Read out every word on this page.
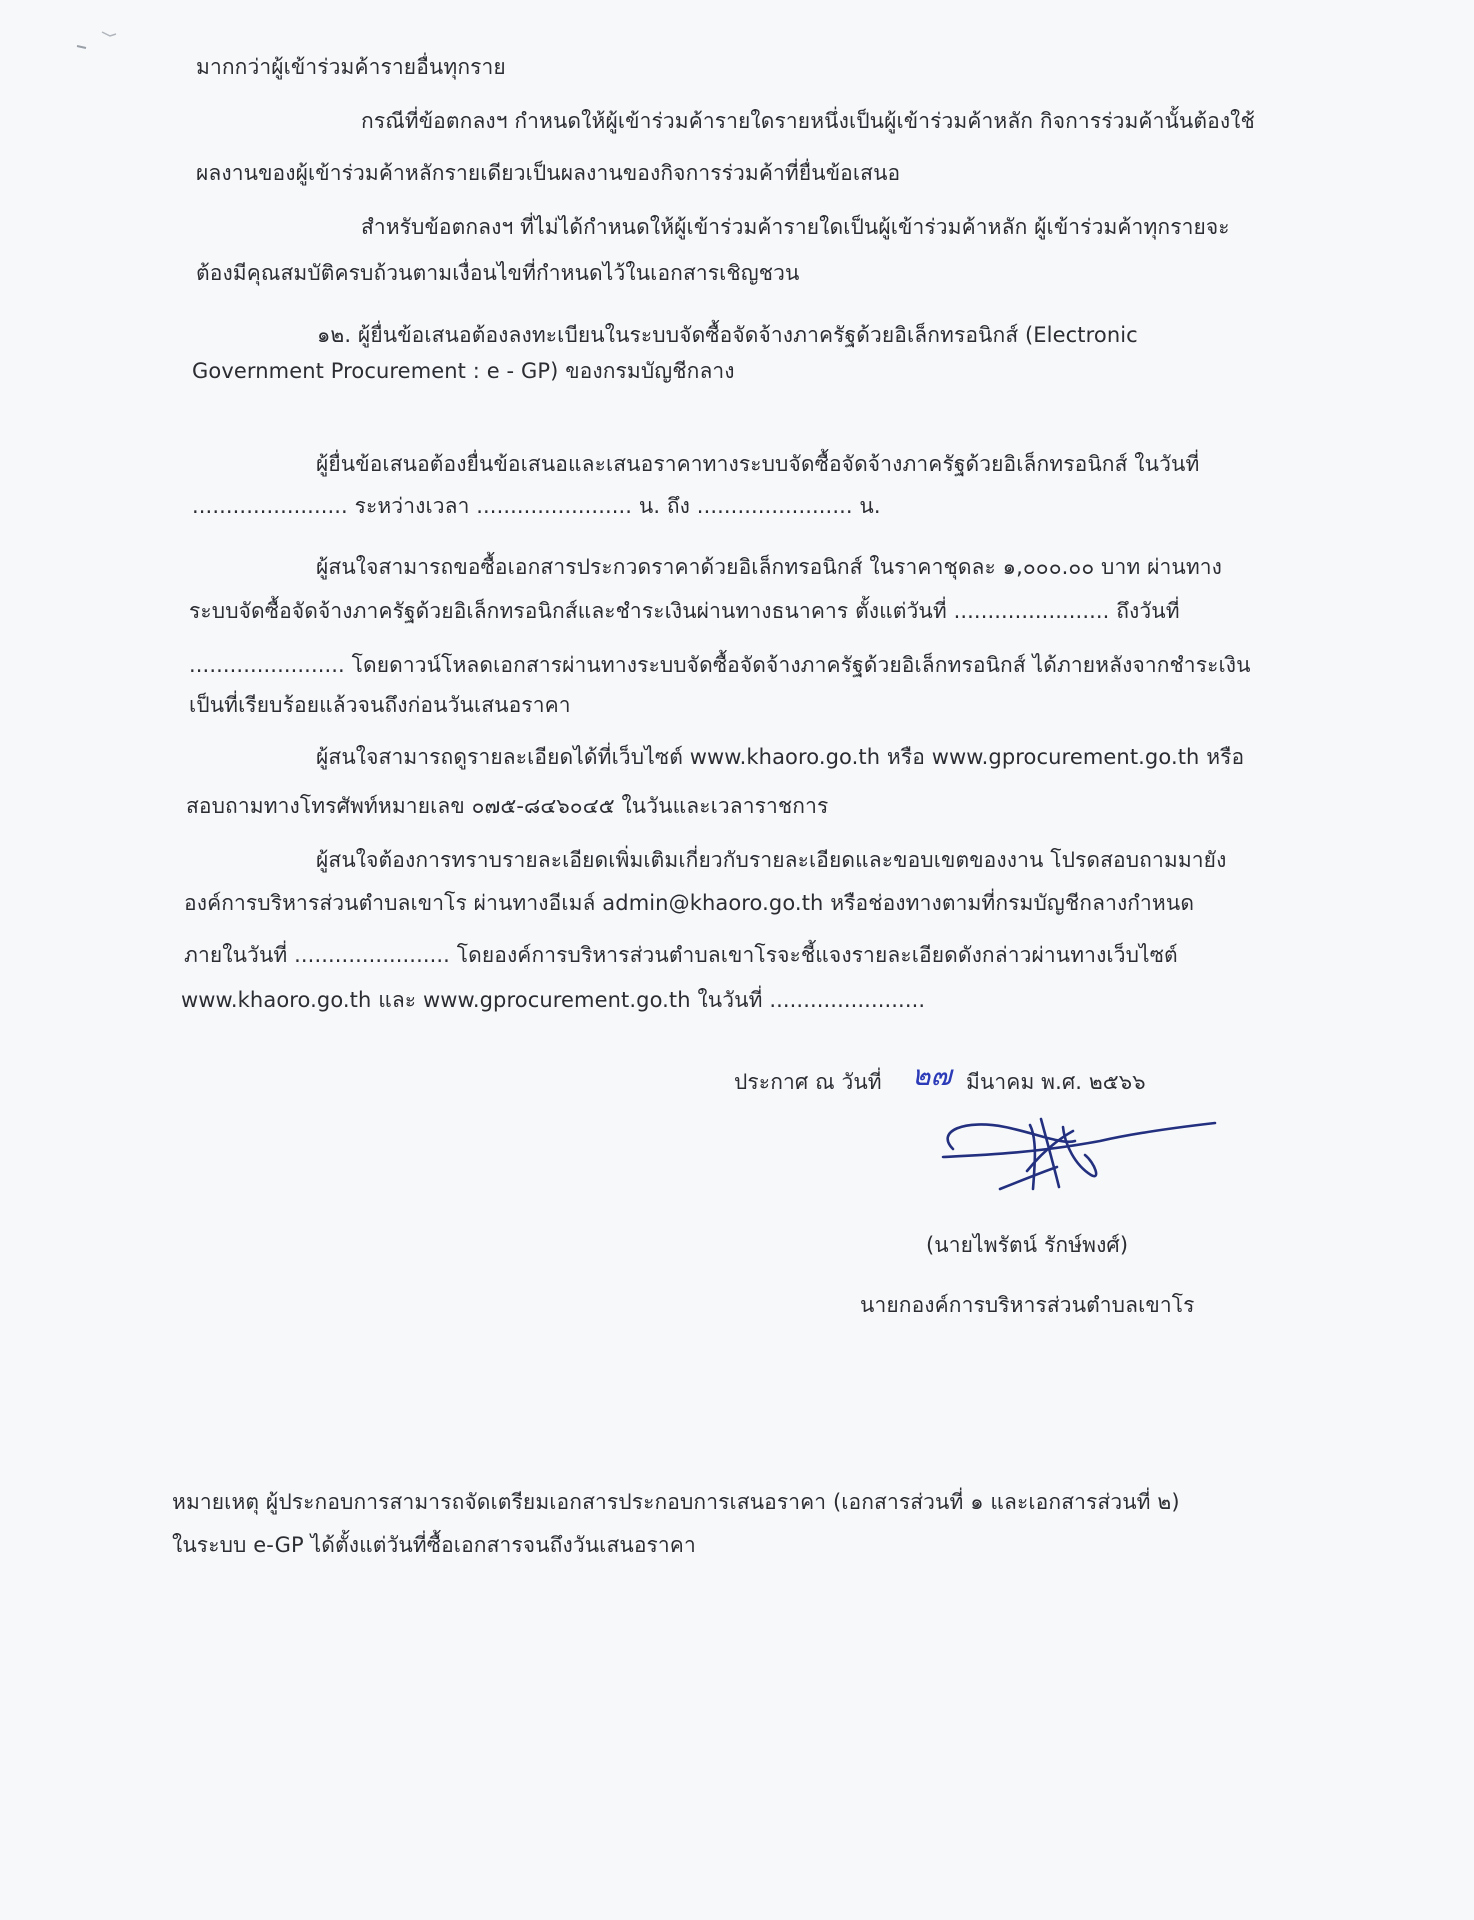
มากกว่าผู้เข้าร่วมค้ารายอื่นทุกราย
กรณีที่ข้อตกลงฯ กำหนดให้ผู้เข้าร่วมค้ารายใดรายหนึ่งเป็นผู้เข้าร่วมค้าหลัก กิจการร่วมค้านั้นต้องใช้
ผลงานของผู้เข้าร่วมค้าหลักรายเดียวเป็นผลงานของกิจการร่วมค้าที่ยื่นข้อเสนอ
สำหรับข้อตกลงฯ ที่ไม่ได้กำหนดให้ผู้เข้าร่วมค้ารายใดเป็นผู้เข้าร่วมค้าหลัก ผู้เข้าร่วมค้าทุกรายจะ
ต้องมีคุณสมบัติครบถ้วนตามเงื่อนไขที่กำหนดไว้ในเอกสารเชิญชวน
๑๒. ผู้ยื่นข้อเสนอต้องลงทะเบียนในระบบจัดซื้อจัดจ้างภาครัฐด้วยอิเล็กทรอนิกส์ (Electronic
Government Procurement : e - GP) ของกรมบัญชีกลาง
ผู้ยื่นข้อเสนอต้องยื่นข้อเสนอและเสนอราคาทางระบบจัดซื้อจัดจ้างภาครัฐด้วยอิเล็กทรอนิกส์ ในวันที่
....................... ระหว่างเวลา ....................... น. ถึง ....................... น.
ผู้สนใจสามารถขอซื้อเอกสารประกวดราคาด้วยอิเล็กทรอนิกส์ ในราคาชุดละ ๑,๐๐๐.๐๐ บาท ผ่านทาง
ระบบจัดซื้อจัดจ้างภาครัฐด้วยอิเล็กทรอนิกส์และชำระเงินผ่านทางธนาคาร ตั้งแต่วันที่ ....................... ถึงวันที่
....................... โดยดาวน์โหลดเอกสารผ่านทางระบบจัดซื้อจัดจ้างภาครัฐด้วยอิเล็กทรอนิกส์ ได้ภายหลังจากชำระเงิน
เป็นที่เรียบร้อยแล้วจนถึงก่อนวันเสนอราคา
ผู้สนใจสามารถดูรายละเอียดได้ที่เว็บไซต์ www.khaoro.go.th หรือ www.gprocurement.go.th หรือ
สอบถามทางโทรศัพท์หมายเลข ๐๗๕-๘๔๖๐๔๕ ในวันและเวลาราชการ
ผู้สนใจต้องการทราบรายละเอียดเพิ่มเติมเกี่ยวกับรายละเอียดและขอบเขตของงาน โปรดสอบถามมายัง
องค์การบริหารส่วนตำบลเขาโร ผ่านทางอีเมล์ admin@khaoro.go.th หรือช่องทางตามที่กรมบัญชีกลางกำหนด
ภายในวันที่ ....................... โดยองค์การบริหารส่วนตำบลเขาโรจะชี้แจงรายละเอียดดังกล่าวผ่านทางเว็บไซต์
www.khaoro.go.th และ www.gprocurement.go.th ในวันที่ .......................
ประกาศ ณ วันที่ ๒๗ มีนาคม พ.ศ. ๒๕๖๖
(นายไพรัตน์ รักษ์พงศ์)
นายกองค์การบริหารส่วนตำบลเขาโร
หมายเหตุ ผู้ประกอบการสามารถจัดเตรียมเอกสารประกอบการเสนอราคา (เอกสารส่วนที่ ๑ และเอกสารส่วนที่ ๒)
ในระบบ e-GP ได้ตั้งแต่วันที่ซื้อเอกสารจนถึงวันเสนอราคา
